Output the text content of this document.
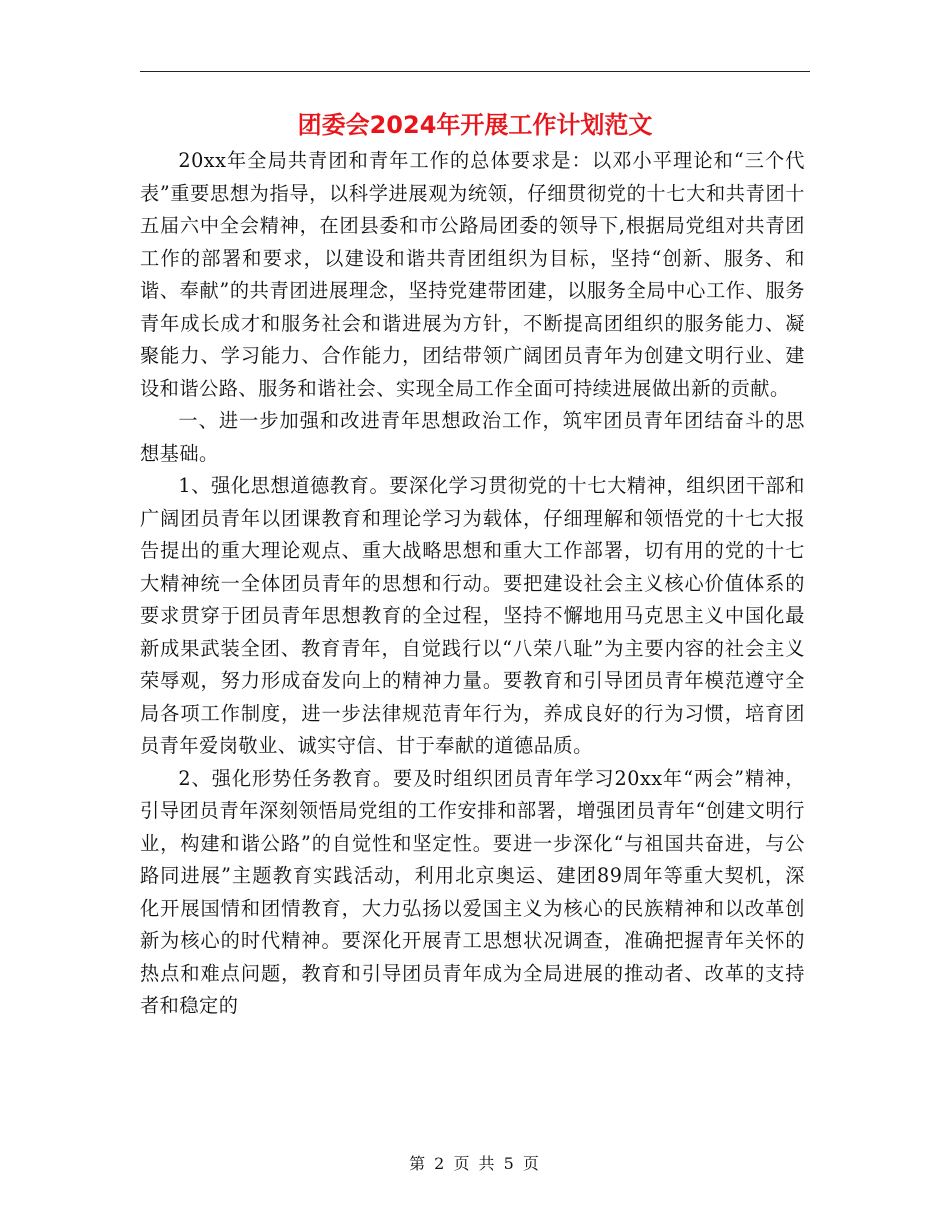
团委会2024年开展工作计划范文

20xx年全局共青团和青年工作的总体要求是：以邓小平理论和“三个代表”重要思想为指导，以科学进展观为统领，仔细贯彻党的十七大和共青团十五届六中全会精神，在团县委和市公路局团委的领导下,根据局党组对共青团工作的部署和要求，以建设和谐共青团组织为目标，坚持“创新、服务、和谐、奉献”的共青团进展理念，坚持党建带团建，以服务全局中心工作、服务青年成长成才和服务社会和谐进展为方针，不断提高团组织的服务能力、凝聚能力、学习能力、合作能力，团结带领广阔团员青年为创建文明行业、建设和谐公路、服务和谐社会、实现全局工作全面可持续进展做出新的贡献。

一、进一步加强和改进青年思想政治工作，筑牢团员青年团结奋斗的思想基础。

1、强化思想道德教育。要深化学习贯彻党的十七大精神，组织团干部和广阔团员青年以团课教育和理论学习为载体，仔细理解和领悟党的十七大报告提出的重大理论观点、重大战略思想和重大工作部署，切有用的党的十七大精神统一全体团员青年的思想和行动。要把建设社会主义核心价值体系的要求贯穿于团员青年思想教育的全过程，坚持不懈地用马克思主义中国化最新成果武装全团、教育青年，自觉践行以“八荣八耻”为主要内容的社会主义荣辱观，努力形成奋发向上的精神力量。要教育和引导团员青年模范遵守全局各项工作制度，进一步法律规范青年行为，养成良好的行为习惯，培育团员青年爱岗敬业、诚实守信、甘于奉献的道德品质。

2、强化形势任务教育。要及时组织团员青年学习20xx年“两会”精神，引导团员青年深刻领悟局党组的工作安排和部署，增强团员青年“创建文明行业，构建和谐公路”的自觉性和坚定性。要进一步深化“与祖国共奋进，与公路同进展”主题教育实践活动，利用北京奥运、建团89周年等重大契机，深化开展国情和团情教育，大力弘扬以爱国主义为核心的民族精神和以改革创新为核心的时代精神。要深化开展青工思想状况调查，准确把握青年关怀的热点和难点问题，教育和引导团员青年成为全局进展的推动者、改革的支持者和稳定的

第 2 页 共 5 页
